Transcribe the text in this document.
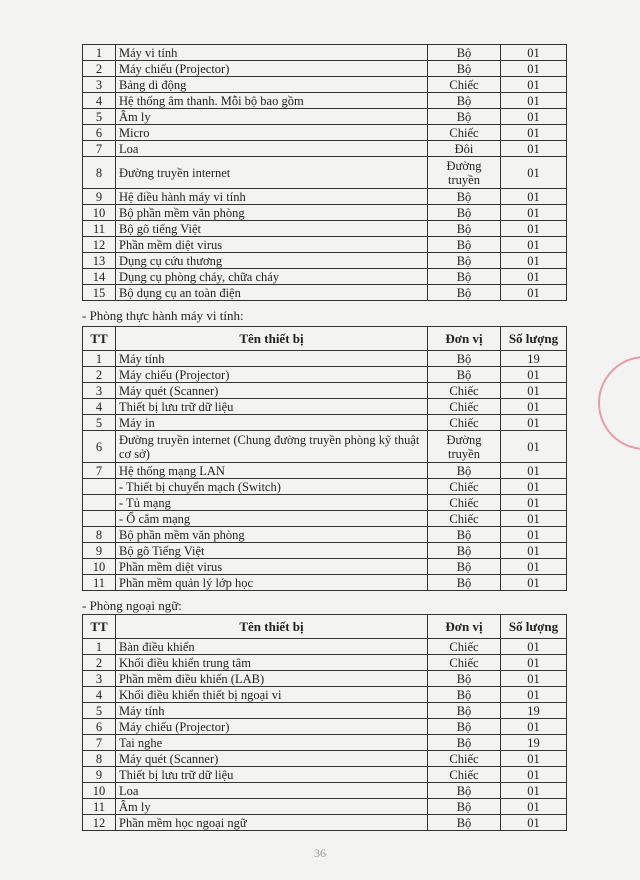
1	Máy vi tính	Bộ	01
2	Máy chiếu (Projector)	Bộ	01
3	Bảng di động	Chiếc	01
4	Hệ thống âm thanh. Mỗi bộ bao gồm	Bộ	01
5	Âm ly	Bộ	01
6	Micro	Chiếc	01
7	Loa	Đôi	01
8	Đường truyền internet	Đường truyền	01
9	Hệ điều hành máy vi tính	Bộ	01
10	Bộ phần mềm văn phòng	Bộ	01
11	Bộ gõ tiếng Việt	Bộ	01
12	Phần mềm diệt virus	Bộ	01
13	Dụng cụ cứu thương	Bộ	01
14	Dụng cụ phòng cháy, chữa cháy	Bộ	01
15	Bộ dụng cụ an toàn điện	Bộ	01
- Phòng thực hành máy vi tính:
TT	Tên thiết bị	Đơn vị	Số lượng
1	Máy tính	Bộ	19
2	Máy chiếu (Projector)	Bộ	01
3	Máy quét (Scanner)	Chiếc	01
4	Thiết bị lưu trữ dữ liệu	Chiếc	01
5	Máy in	Chiếc	01
6	Đường truyền internet (Chung đường truyền phòng kỹ thuật cơ sở)	Đường truyền	01
7	Hệ thống mạng LAN	Bộ	01
	- Thiết bị chuyển mạch (Switch)	Chiếc	01
	- Tủ mạng	Chiếc	01
	- Ổ cắm mạng	Chiếc	01
8	Bộ phần mềm văn phòng	Bộ	01
9	Bộ gõ Tiếng Việt	Bộ	01
10	Phần mềm diệt virus	Bộ	01
11	Phần mềm quản lý lớp học	Bộ	01
- Phòng ngoại ngữ:
TT	Tên thiết bị	Đơn vị	Số lượng
1	Bàn điều khiển	Chiếc	01
2	Khối điều khiển trung tâm	Chiếc	01
3	Phần mềm điều khiển (LAB)	Bộ	01
4	Khối điều khiển thiết bị ngoại vi	Bộ	01
5	Máy tính	Bộ	19
6	Máy chiếu (Projector)	Bộ	01
7	Tai nghe	Bộ	19
8	Máy quét (Scanner)	Chiếc	01
9	Thiết bị lưu trữ dữ liệu	Chiếc	01
10	Loa	Bộ	01
11	Âm ly	Bộ	01
12	Phần mềm học ngoại ngữ	Bộ	01
36
